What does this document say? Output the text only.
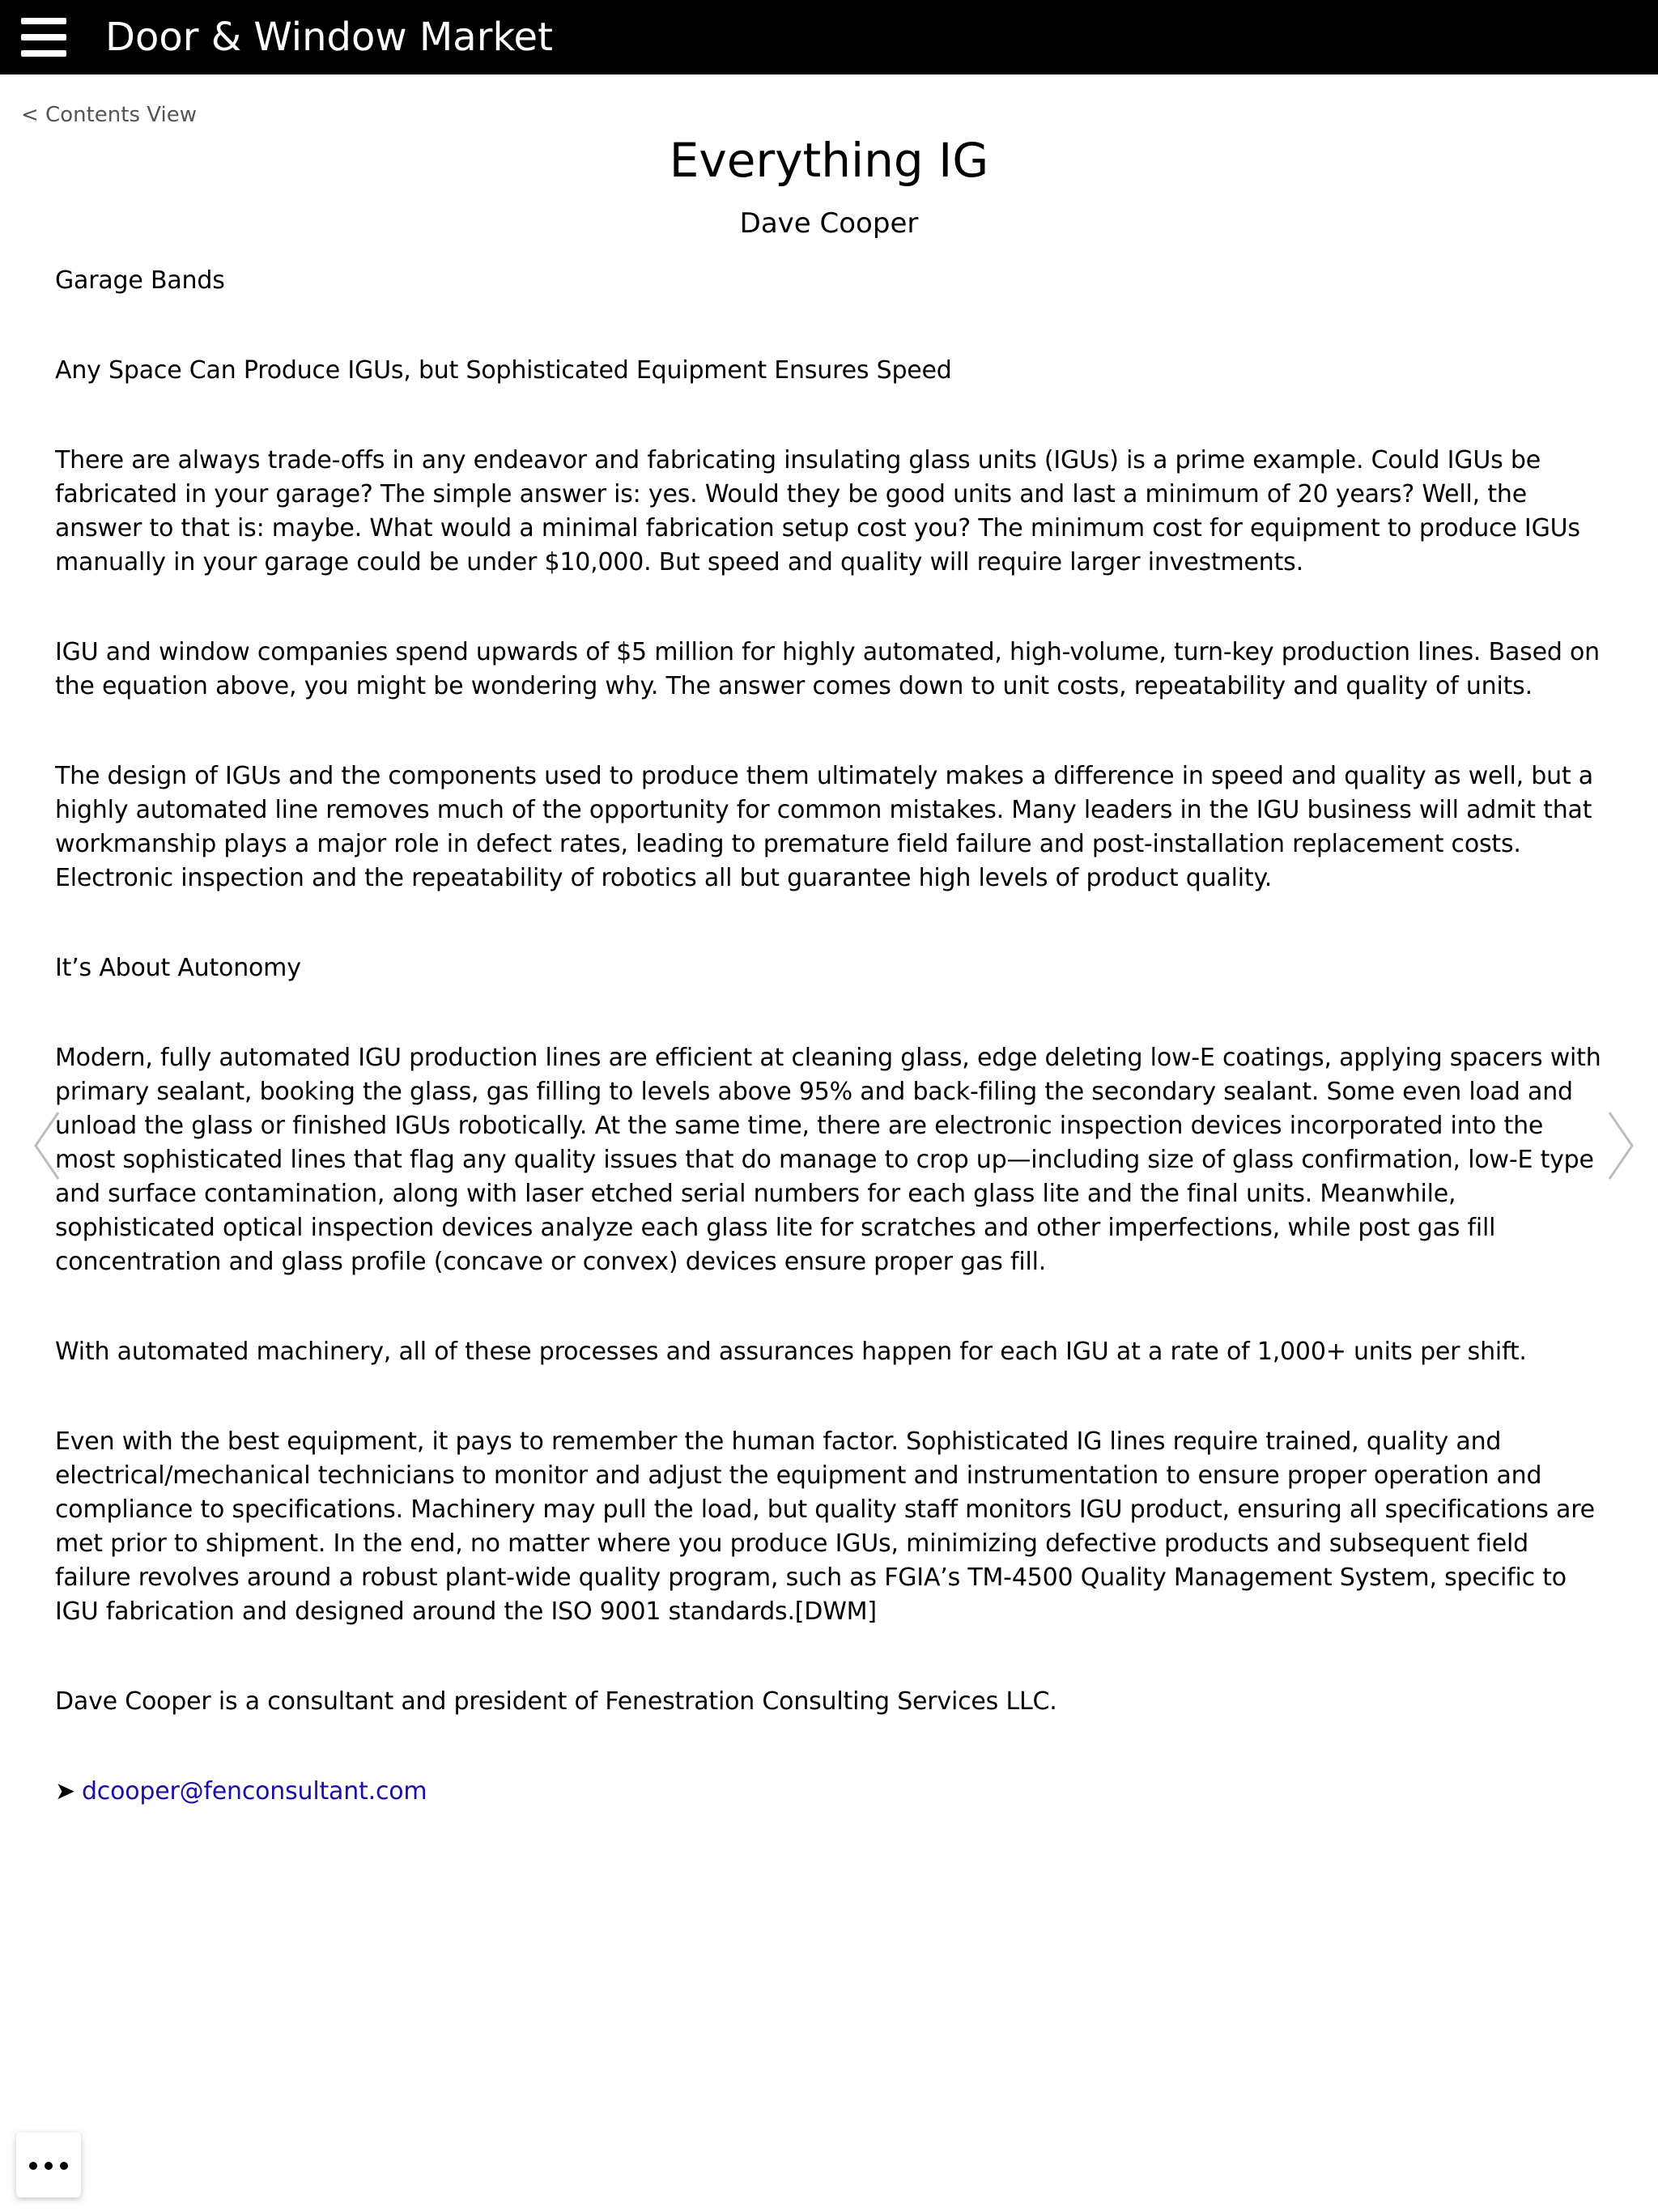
Door & Window Market
< Contents View
Everything IG
Dave Cooper

Garage Bands

Any Space Can Produce IGUs, but Sophisticated Equipment Ensures Speed

There are always trade-offs in any endeavor and fabricating insulating glass units (IGUs) is a prime example. Could IGUs be fabricated in your garage? The simple answer is: yes. Would they be good units and last a minimum of 20 years? Well, the answer to that is: maybe. What would a minimal fabrication setup cost you? The minimum cost for equipment to produce IGUs manually in your garage could be under $10,000. But speed and quality will require larger investments.

IGU and window companies spend upwards of $5 million for highly automated, high-volume, turn-key production lines. Based on the equation above, you might be wondering why. The answer comes down to unit costs, repeatability and quality of units.

The design of IGUs and the components used to produce them ultimately makes a difference in speed and quality as well, but a highly automated line removes much of the opportunity for common mistakes. Many leaders in the IGU business will admit that workmanship plays a major role in defect rates, leading to premature field failure and post-installation replacement costs. Electronic inspection and the repeatability of robotics all but guarantee high levels of product quality.

It’s About Autonomy

Modern, fully automated IGU production lines are efficient at cleaning glass, edge deleting low-E coatings, applying spacers with primary sealant, booking the glass, gas filling to levels above 95% and back-filing the secondary sealant. Some even load and unload the glass or finished IGUs robotically. At the same time, there are electronic inspection devices incorporated into the most sophisticated lines that flag any quality issues that do manage to crop up—including size of glass confirmation, low-E type and surface contamination, along with laser etched serial numbers for each glass lite and the final units. Meanwhile, sophisticated optical inspection devices analyze each glass lite for scratches and other imperfections, while post gas fill concentration and glass profile (concave or convex) devices ensure proper gas fill.

With automated machinery, all of these processes and assurances happen for each IGU at a rate of 1,000+ units per shift.

Even with the best equipment, it pays to remember the human factor. Sophisticated IG lines require trained, quality and electrical/mechanical technicians to monitor and adjust the equipment and instrumentation to ensure proper operation and compliance to specifications. Machinery may pull the load, but quality staff monitors IGU product, ensuring all specifications are met prior to shipment. In the end, no matter where you produce IGUs, minimizing defective products and subsequent field failure revolves around a robust plant-wide quality program, such as FGIA’s TM-4500 Quality Management System, specific to IGU fabrication and designed around the ISO 9001 standards.[DWM]

Dave Cooper is a consultant and president of Fenestration Consulting Services LLC.

➤ dcooper@fenconsultant.com
